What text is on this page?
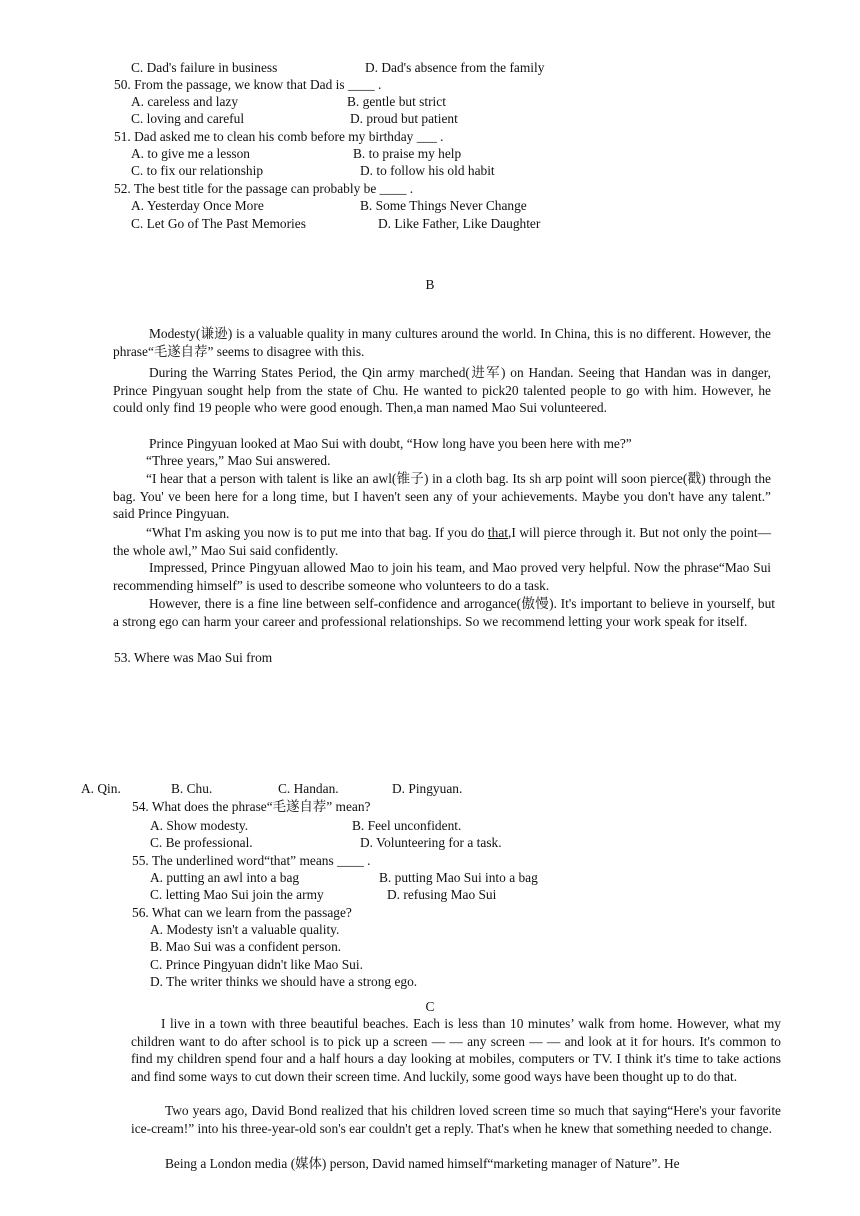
C. Dad's failure in business	D. Dad's absence from the family
50. From the passage, we know that Dad is ____ .
A. careless and lazy	B. gentle but strict
C. loving and careful	D. proud but patient
51. Dad asked me to clean his comb before my birthday ___ .
A. to give me a lesson	B. to praise my help
C. to fix our relationship	D. to follow his old habit
52. The best title for the passage can probably be ____ .
A. Yesterday Once More	B. Some Things Never Change
C. Let Go of The Past Memories	D. Like Father, Like Daughter
B
Modesty(谦逊) is a valuable quality in many cultures around the world. In China, this is no different. However, the phrase“毛遂自荐” seems to disagree with this.
During the Warring States Period, the Qin army marched(进军) on Handan. Seeing that Handan was in danger, Prince Pingyuan sought help from the state of Chu. He wanted to pick20 talented people to go with him. However, he could only find 19 people who were good enough. Then,a man named Mao Sui volunteered.
Prince Pingyuan looked at Mao Sui with doubt, “How long have you been here with me?”
“Three years,” Mao Sui answered.
“I hear that a person with talent is like an awl(锥子) in a cloth bag. Its sh arp point will soon pierce(戳) through the bag. You' ve been here for a long time, but I haven't seen any of your achievements. Maybe you don't have any talent.” said Prince Pingyuan.
“What I'm asking you now is to put me into that bag. If you do that,I will pierce through it. But not only the point— the whole awl,” Mao Sui said confidently.
Impressed, Prince Pingyuan allowed Mao to join his team, and Mao proved very helpful. Now the phrase“Mao Sui recommending himself” is used to describe someone who volunteers to do a task.
However, there is a fine line between self-confidence and arrogance(傲慢). It's important to believe in yourself, but a strong ego can harm your career and professional relationships. So we recommend letting your work speak for itself.
53. Where was Mao Sui from
A. Qin.	B. Chu.	C. Handan.	D. Pingyuan.
54. What does the phrase“毛遂自荐” mean?
A. Show modesty.	B. Feel unconfident.
C. Be professional.	D. Volunteering for a task.
55. The underlined word“that” means ____ .
A. putting an awl into a bag	B. putting Mao Sui into a bag
C. letting Mao Sui join the army	D. refusing Mao Sui
56. What can we learn from the passage?
A. Modesty isn't a valuable quality.
B. Mao Sui was a confident person.
C. Prince Pingyuan didn't like Mao Sui.
D. The writer thinks we should have a strong ego.
C
I live in a town with three beautiful beaches. Each is less than 10 minutes’ walk from home. However, what my children want to do after school is to pick up a screen — — any screen — — and look at it for hours. It's common to find my children spend four and a half hours a day looking at mobiles, computers or TV. I think it's time to take actions and find some ways to cut down their screen time. And luckily, some good ways have been thought up to do that.
Two years ago, David Bond realized that his children loved screen time so much that saying“Here's your favorite ice-cream!” into his three-year-old son's ear couldn't get a reply. That's when he knew that something needed to change.
Being a London media (媒体) person, David named himself“marketing manager of Nature”. He
